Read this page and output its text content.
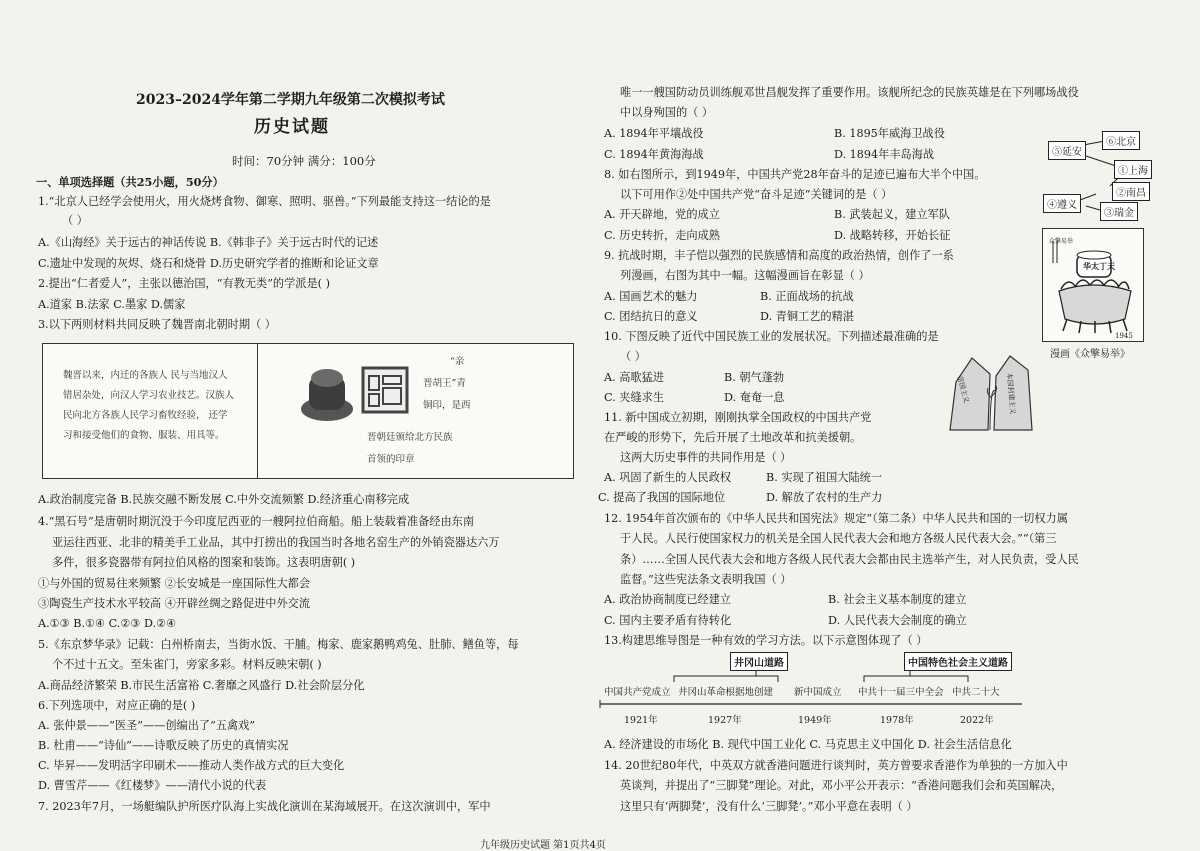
2023–2024学年第二学期九年级第二次模拟考试
历史试题
时间：70分钟 满分：100分
一、单项选择题（共25小题，50分）
1.“北京人已经学会使用火，用火烧烤食物、御寒、照明、驱兽。”下列最能支持这一结论的是
（ ）
A.《山海经》关于远古的神话传说 B.《韩非子》关于远古时代的记述
C.遗址中发现的灰烬、烧石和烧骨 D.历史研究学者的推断和论证文章
2.提出“仁者爱人”，主张以德治国，“有教无类”的学派是( )
A.道家 B.法家 C.墨家 D.儒家
3.以下两则材料共同反映了魏晋南北朝时期（ ）
魏晋以来，内迁的各族人 民与当地汉人
错居杂处，向汉人学习农业技艺。汉族人
民向北方各族人民学习畜牧经验， 还学
习和接受他们的食物、服装、用具等。
“亲
晋胡王”青
铜印，是西
晋朝廷颁给北方民族
首领的印章
A.政治制度完备 B.民族交融不断发展 C.中外交流频繁 D.经济重心南移完成
4.“黑石号”是唐朝时期沉没于今印度尼西亚的一艘阿拉伯商船。船上装载着准备经由东南
亚运往西亚、北非的精美手工业品，其中打捞出的我国当时各地名窑生产的外销瓷器达六万
多件，很多瓷器带有阿拉伯风格的图案和装饰。这表明唐朝( )
①与外国的贸易往来频繁 ②长安城是一座国际性大都会
③陶瓷生产技术水平较高 ④开辟丝绸之路促进中外交流
A.①③ B.①④ C.②③ D.②④
5.《东京梦华录》记载：白州桥南去，当街水饭、干脯。梅家、鹿家鹅鸭鸡兔、肚肺、鳝鱼等，每
个不过十五文。至朱雀门，旁家多彩。材料反映宋朝( )
A.商品经济繁荣 B.市民生活富裕 C.奢靡之风盛行 D.社会阶层分化
6.下列选项中，对应正确的是( )
A. 张仲景——“医圣”——创编出了“五禽戏”
B. 杜甫——“诗仙”——诗歌反映了历史的真情实况
C. 毕昇——发明活字印刷术——推动人类作战方式的巨大变化
D. 曹雪芹——《红楼梦》——清代小说的代表
7. 2023年7月，一场艇编队护所医疗队海上实战化演训在某海域展开。在这次演训中，军中
唯一一艘国防动员训练舰邓世昌舰发挥了重要作用。该舰所纪念的民族英雄是在下列哪场战役
中以身殉国的（ ）
A. 1894年平壤战役	B. 1895年威海卫战役
C. 1894年黄海海战	D. 1894年丰岛海战
8. 如右图所示，到1949年，中国共产党28年奋斗的足迹已遍布大半个中国。
以下可用作②处中国共产党“奋斗足迹”关键词的是（ ）
A. 开天辟地，党的成立	B. 武装起义，建立军队
C. 历史转折，走向成熟	D. 战略转移，开始长征
⑥北京
⑤延安
①上海
②南昌
④遵义
③瑞金
9. 抗战时期，丰子恺以强烈的民族感情和高度的政治热情，创作了一系
列漫画，右图为其中一幅。这幅漫画旨在彰显（ ）
A. 国画艺术的魅力	B. 正面战场的抗战
C. 团结抗日的意义	D. 青铜工艺的精湛
华太丁天
众擎易举
1945
漫画《众擎易举》
10. 下图反映了近代中国民族工业的发展状况。下列描述最准确的是
（ ）
A. 高歌猛进	B. 朝气蓬勃
C. 夹缝求生	D. 奄奄一息	帝国主义	本国封建主义
11. 新中国成立初期，刚刚执掌全国政权的中国共产党
在严峻的形势下，先后开展了土地改革和抗美援朝。
这两大历史事件的共同作用是（ ）
A. 巩固了新生的人民政权	B. 实现了祖国大陆统一
C. 提高了我国的国际地位	D. 解放了农村的生产力
12. 1954年首次颁布的《中华人民共和国宪法》规定“（第二条）中华人民共和国的一切权力属
于人民。人民行使国家权力的机关是全国人民代表大会和地方各级人民代表大会。”“（第三
条）……全国人民代表大会和地方各级人民代表大会都由民主选举产生，对人民负责，受人民
监督。”这些宪法条文表明我国（ ）
A. 政治协商制度已经建立	B. 社会主义基本制度的建立
C. 国内主要矛盾有待转化	D. 人民代表大会制度的确立
13.构建思维导图是一种有效的学习方法。以下示意图体现了（ ）
井冈山道路	中国特色社会主义道路
中国共产党成立 井冈山革命根据地创建 新中国成立 中共十一届三中全会 中共二十大
1921年	1927年	1949年	1978年	2022年
A. 经济建设的市场化 B. 现代中国工业化 C. 马克思主义中国化 D. 社会生活信息化
14. 20世纪80年代，中英双方就香港问题进行谈判时，英方曾要求香港作为单独的一方加入中
英谈判，并提出了“三脚凳”理论。对此，邓小平公开表示：“香港问题我们会和英国解决，
这里只有‘两脚凳’，没有什么‘三脚凳’。”邓小平意在表明（ ）
九年级历史试题 第1页共4页
